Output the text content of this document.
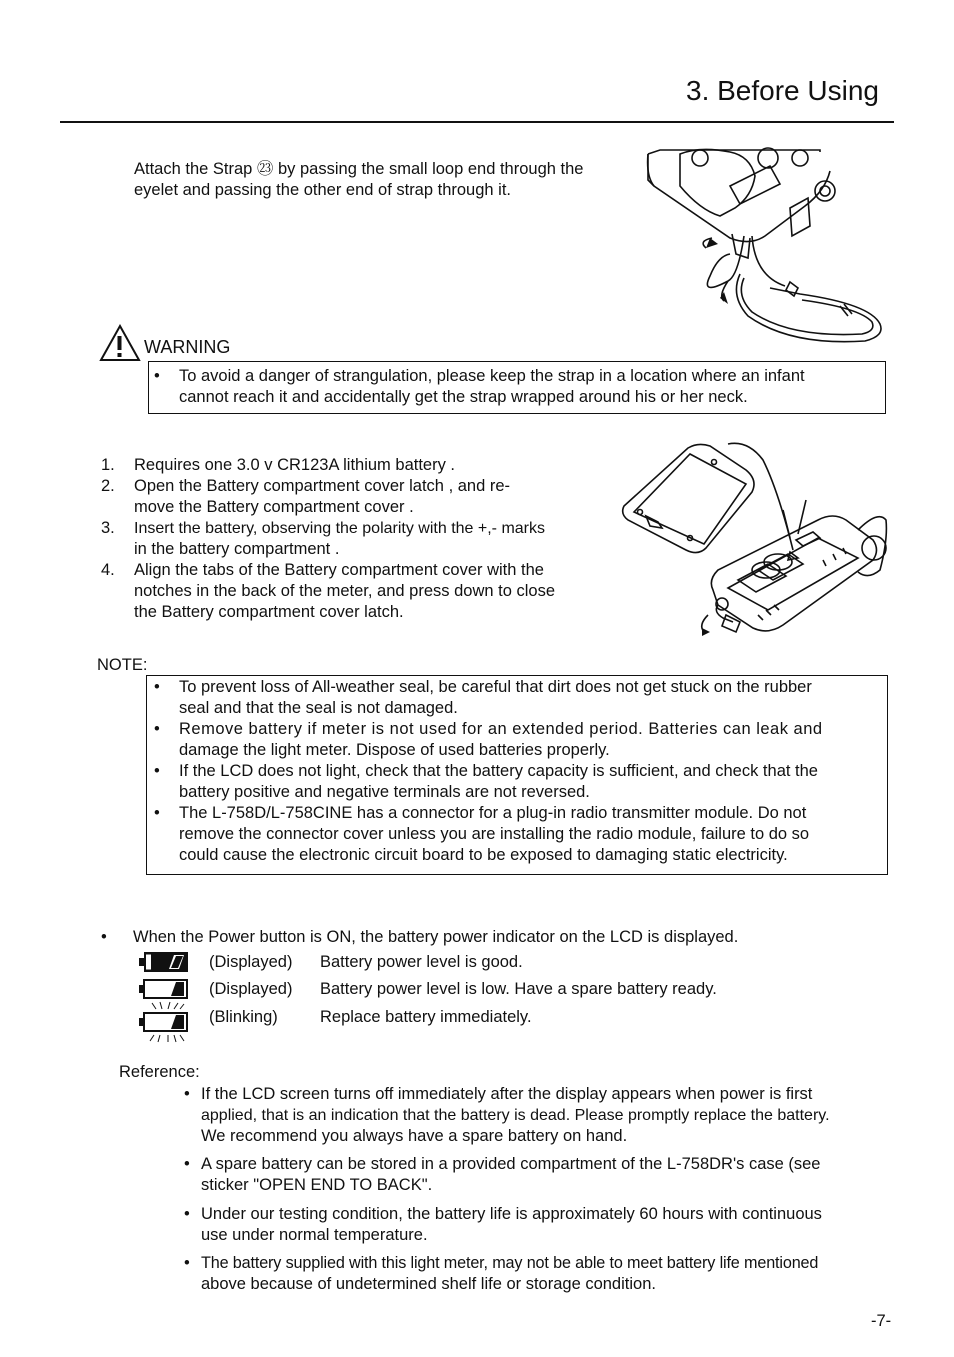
3. Before Using
Attach the Strap ㉓ by passing the small loop end through the
eyelet and passing the other end of strap through it.
WARNING
• To avoid a danger of strangulation, please keep the strap in a location where an infant
cannot reach it and accidentally get the strap wrapped around his or her neck.
1. Requires one 3.0 v CR123A lithium battery .
2. Open the Battery compartment cover latch , and re-
move the Battery compartment cover .
3. Insert the battery, observing the polarity with the +,- marks
in the battery compartment .
4. Align the tabs of the Battery compartment cover with the
notches in the back of the meter, and press down to close
the Battery compartment cover latch.
NOTE:
• To prevent loss of All-weather seal, be careful that dirt does not get stuck on the rubber
seal and that the seal is not damaged.
• Remove battery if meter is not used for an extended period. Batteries can leak and
damage the light meter. Dispose of used batteries properly.
• If the LCD does not light, check that the battery capacity is sufficient, and check that the
battery positive and negative terminals are not reversed.
• The L-758D/L-758CINE has a connector for a plug-in radio transmitter module. Do not
remove the connector cover unless you are installing the radio module, failure to do so
could cause the electronic circuit board to be exposed to damaging static electricity.
• When the Power button is ON, the battery power indicator on the LCD is displayed.
(Displayed) Battery power level is good.
(Displayed) Battery power level is low. Have a spare battery ready.
(Blinking)	Replace battery immediately.
Reference:
• If the LCD screen turns off immediately after the display appears when power is first
applied, that is an indication that the battery is dead. Please promptly replace the battery.
We recommend you always have a spare battery on hand.
• A spare battery can be stored in a provided compartment of the L-758DR's case (see
sticker "OPEN END TO BACK".
• Under our testing condition, the battery life is approximately 60 hours with continuous
use under normal temperature.
• The battery supplied with this light meter, may not be able to meet battery life mentioned
above because of undetermined shelf life or storage condition.
-7-
